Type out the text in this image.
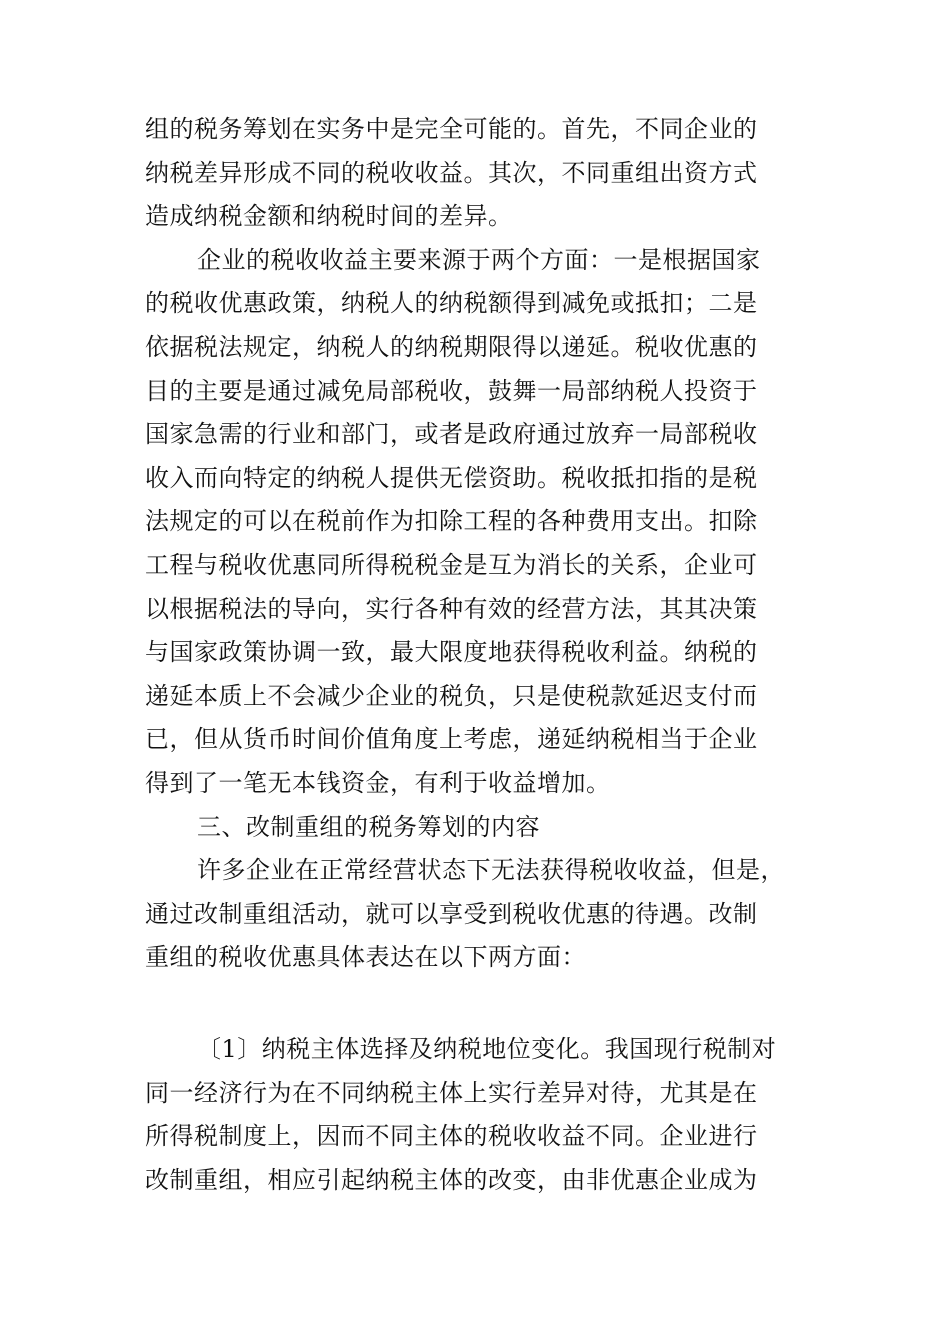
组的税务筹划在实务中是完全可能的。首先，不同企业的
纳税差异形成不同的税收收益。其次，不同重组出资方式
造成纳税金额和纳税时间的差异。
企业的税收收益主要来源于两个方面：一是根据国家
的税收优惠政策，纳税人的纳税额得到减免或抵扣；二是
依据税法规定，纳税人的纳税期限得以递延。税收优惠的
目的主要是通过减免局部税收，鼓舞一局部纳税人投资于
国家急需的行业和部门，或者是政府通过放弃一局部税收
收入而向特定的纳税人提供无偿资助。税收抵扣指的是税
法规定的可以在税前作为扣除工程的各种费用支出。扣除
工程与税收优惠同所得税税金是互为消长的关系，企业可
以根据税法的导向，实行各种有效的经营方法，其其决策
与国家政策协调一致，最大限度地获得税收利益。纳税的
递延本质上不会减少企业的税负，只是使税款延迟支付而
已，但从货币时间价值角度上考虑，递延纳税相当于企业
得到了一笔无本钱资金，有利于收益增加。
三、改制重组的税务筹划的内容
许多企业在正常经营状态下无法获得税收收益，但是，
通过改制重组活动，就可以享受到税收优惠的待遇。改制
重组的税收优惠具体表达在以下两方面：
〔1〕纳税主体选择及纳税地位变化。我国现行税制对
同一经济行为在不同纳税主体上实行差异对待，尤其是在
所得税制度上，因而不同主体的税收收益不同。企业进行
改制重组，相应引起纳税主体的改变，由非优惠企业成为
